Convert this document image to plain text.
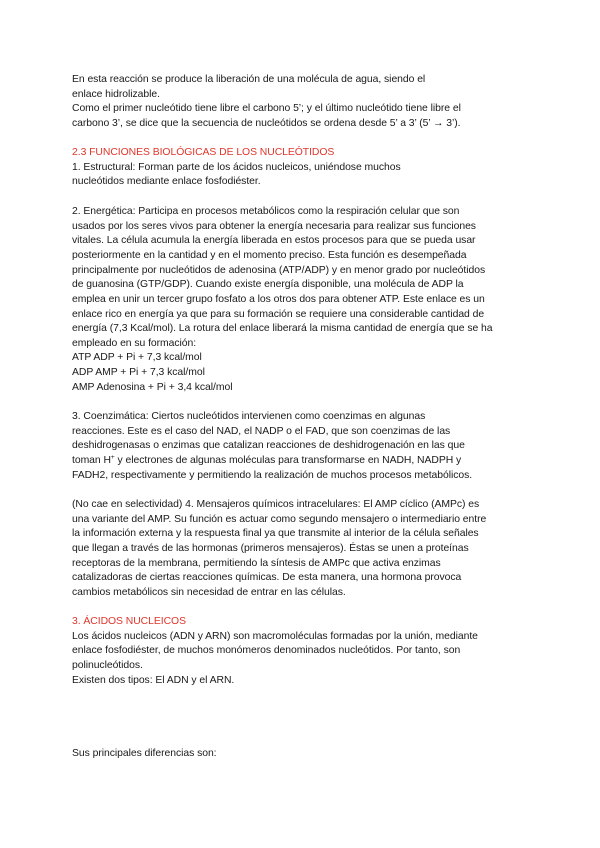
En esta reacción se produce la liberación de una molécula de agua, siendo el
enlace hidrolizable.
Como el primer nucleótido tiene libre el carbono 5’; y el último nucleótido tiene libre el
carbono 3’, se dice que la secuencia de nucleótidos se ordena desde 5’ a 3’ (5’ → 3’).
2.3 FUNCIONES BIOLÓGICAS DE LOS NUCLEÓTIDOS
1. Estructural: Forman parte de los ácidos nucleicos, uniéndose muchos
nucleótidos mediante enlace fosfodiéster.
2. Energética: Participa en procesos metabólicos como la respiración celular que son
usados por los seres vivos para obtener la energía necesaria para realizar sus funciones
vitales. La célula acumula la energía liberada en estos procesos para que se pueda usar
posteriormente en la cantidad y en el momento preciso. Esta función es desempeñada
principalmente por nucleótidos de adenosina (ATP/ADP) y en menor grado por nucleótidos
de guanosina (GTP/GDP). Cuando existe energía disponible, una molécula de ADP la
emplea en unir un tercer grupo fosfato a los otros dos para obtener ATP. Este enlace es un
enlace rico en energía ya que para su formación se requiere una considerable cantidad de
energía (7,3 Kcal/mol). La rotura del enlace liberará la misma cantidad de energía que se ha
empleado en su formación:
ATP ADP + Pi + 7,3 kcal/mol
ADP AMP + Pi + 7,3 kcal/mol
AMP Adenosina + Pi + 3,4 kcal/mol
3. Coenzimática: Ciertos nucleótidos intervienen como coenzimas en algunas
reacciones. Este es el caso del NAD, el NADP o el FAD, que son coenzimas de las
deshidrogenasas o enzimas que catalizan reacciones de deshidrogenación en las que
toman H+ y electrones de algunas moléculas para transformarse en NADH, NADPH y
FADH2, respectivamente y permitiendo la realización de muchos procesos metabólicos.
(No cae en selectividad) 4. Mensajeros químicos intracelulares: El AMP cíclico (AMPc) es
una variante del AMP. Su función es actuar como segundo mensajero o intermediario entre
la información externa y la respuesta final ya que transmite al interior de la célula señales
que llegan a través de las hormonas (primeros mensajeros). Éstas se unen a proteínas
receptoras de la membrana, permitiendo la síntesis de AMPc que activa enzimas
catalizadoras de ciertas reacciones químicas. De esta manera, una hormona provoca
cambios metabólicos sin necesidad de entrar en las células.
3. ÁCIDOS NUCLEICOS
Los ácidos nucleicos (ADN y ARN) son macromoléculas formadas por la unión, mediante
enlace fosfodiéster, de muchos monómeros denominados nucleótidos. Por tanto, son
polinucleótidos.
Existen dos tipos: El ADN y el ARN.
Sus principales diferencias son:
